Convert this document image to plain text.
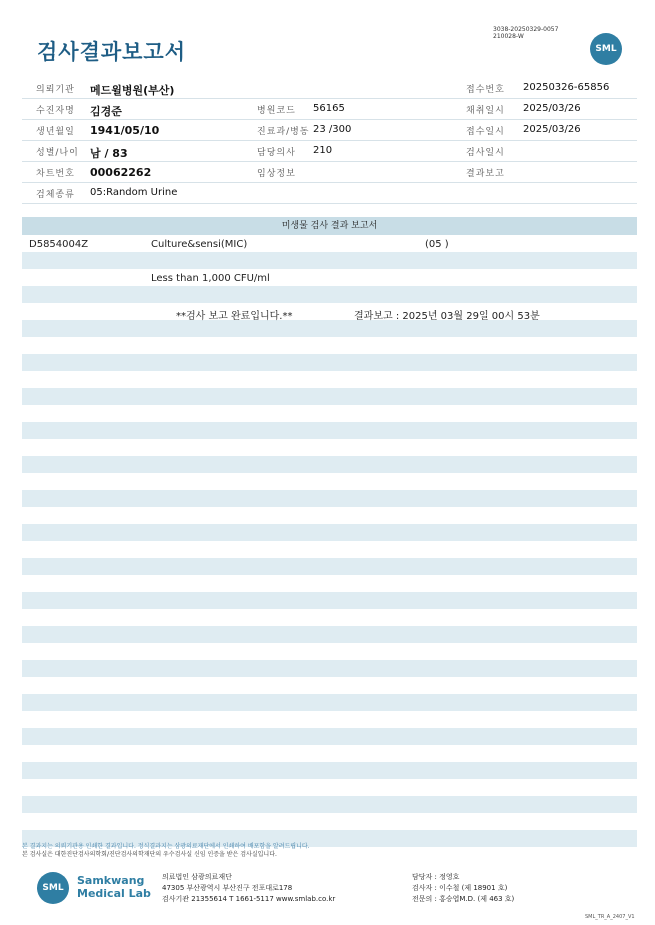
검사결과보고서
3038-20250329-0057
210028-W
SML
의뢰기관 메드윌병원(부산)	접수번호 20250326-65856
수진자명 김경준	병원코드 56165	채취일시 2025/03/26
생년월일 1941/05/10	진료과/병동 23 /300	접수일시 2025/03/26
성별/나이 남 / 83	담당의사 210	검사일시
차트번호 00062262	임상정보	결과보고
검체종류 05:Random Urine
미생물 검사 결과 보고서
D5854004Z	Culture&sensi(MIC)	(05 )
Less than 1,000 CFU/ml
**검사 보고 완료입니다.**	결과보고 : 2025년 03월 29일 00시 53분
본 결과지는 의뢰기관용 인쇄한 결과입니다. 정식결과지는 삼광의료재단에서 인쇄하여 배포함을 알려드립니다.
본 검사실은 대한진단검사의학회/진단검사의학재단의 우수검사실 신임 인증을 받은 검사실입니다.
SML
Samkwang
Medical Lab
의료법인 삼광의료재단
47305 부산광역시 부산진구 전포대로178
검사기관 21355614 T 1661-5117 www.smlab.co.kr
담당자 : 정영호
검사자 : 이수철 (제 18901 호)
전문의 : 홍승엽M.D. (제 463 호)
SML_TR_A_2407_V1
